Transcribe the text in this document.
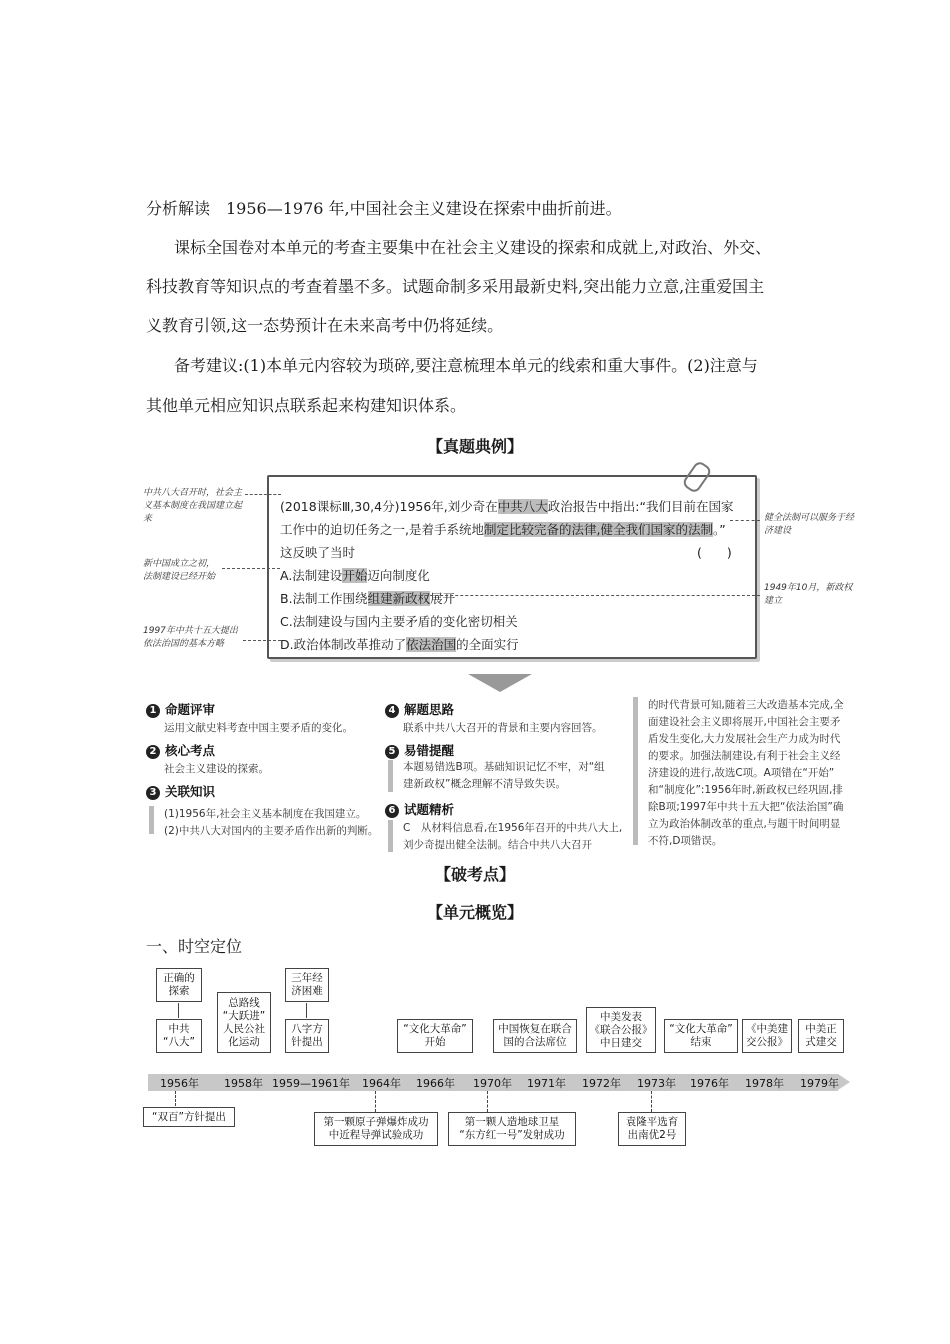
分析解读　1956—1976 年,中国社会主义建设在探索中曲折前进。
课标全国卷对本单元的考查主要集中在社会主义建设的探索和成就上,对政治、外交、
科技教育等知识点的考查着墨不多。试题命制多采用最新史料,突出能力立意,注重爱国主
义教育引领,这一态势预计在未来高考中仍将延续。
备考建议:(1)本单元内容较为琐碎,要注意梳理本单元的线索和重大事件。(2)注意与
其他单元相应知识点联系起来构建知识体系。
【真题典例】
(2018课标Ⅲ,30,4分)1956年,刘少奇在中共八大政治报告中指出:“我们目前在国家
工作中的迫切任务之一,是着手系统地制定比较完备的法律,健全我们国家的法制。”
这反映了当时	(　　)
A.法制建设开始迈向制度化
B.法制工作围绕组建新政权展开
C.法制建设与国内主要矛盾的变化密切相关
D.政治体制改革推动了依法治国的全面实行
中共八大召开时，社会主义基本制度在我国建立起来
新中国成立之初，法制建设已经开始
1997年中共十五大提出依法治国的基本方略
健全法制可以服务于经济建设
1949年10月，新政权建立
1 命题评审
运用文献史料考查中国主要矛盾的变化。
2 核心考点
社会主义建设的探索。
3 关联知识
(1)1956年,社会主义基本制度在我国建立。
(2)中共八大对国内的主要矛盾作出新的判断。
4 解题思路
联系中共八大召开的背景和主要内容回答。
5 易错提醒
本题易错选B项。基础知识记忆不牢，对“组
建新政权”概念理解不清导致失误。
6 试题精析
C　从材料信息看,在1956年召开的中共八大上,
刘少奇提出健全法制。结合中共八大召开
的时代背景可知,随着三大改造基本完成,全
面建设社会主义即将展开,中国社会主要矛
盾发生变化,大力发展社会生产力成为时代
的要求。加强法制建设,有利于社会主义经
济建设的进行,故选C项。A项错在“开始”
和“制度化”:1956年时,新政权已经巩固,排
除B项;1997年中共十五大把“依法治国”确
立为政治体制改革的重点,与题干时间明显
不符,D项错误。
【破考点】
【单元概览】
一、时空定位
1956年 1958年 1959—1961年 1964年 1966年 1970年 1971年 1972年 1973年 1976年 1978年 1979年
正确的
探索
中共
“八大”
总路线
“大跃进”
人民公社
化运动
三年经
济困难
八字方
针提出
“文化大革命”
开始
中国恢复在联合
国的合法席位
中美发表
《联合公报》
中日建交
“文化大革命”
结束
《中美建
交公报》
中美正
式建交
“双百”方针提出	第一颗原子弹爆炸成功
中近程导弹试验成功
第一颗人造地球卫星
“东方红一号”发射成功
袁隆平选育
出南优2号
